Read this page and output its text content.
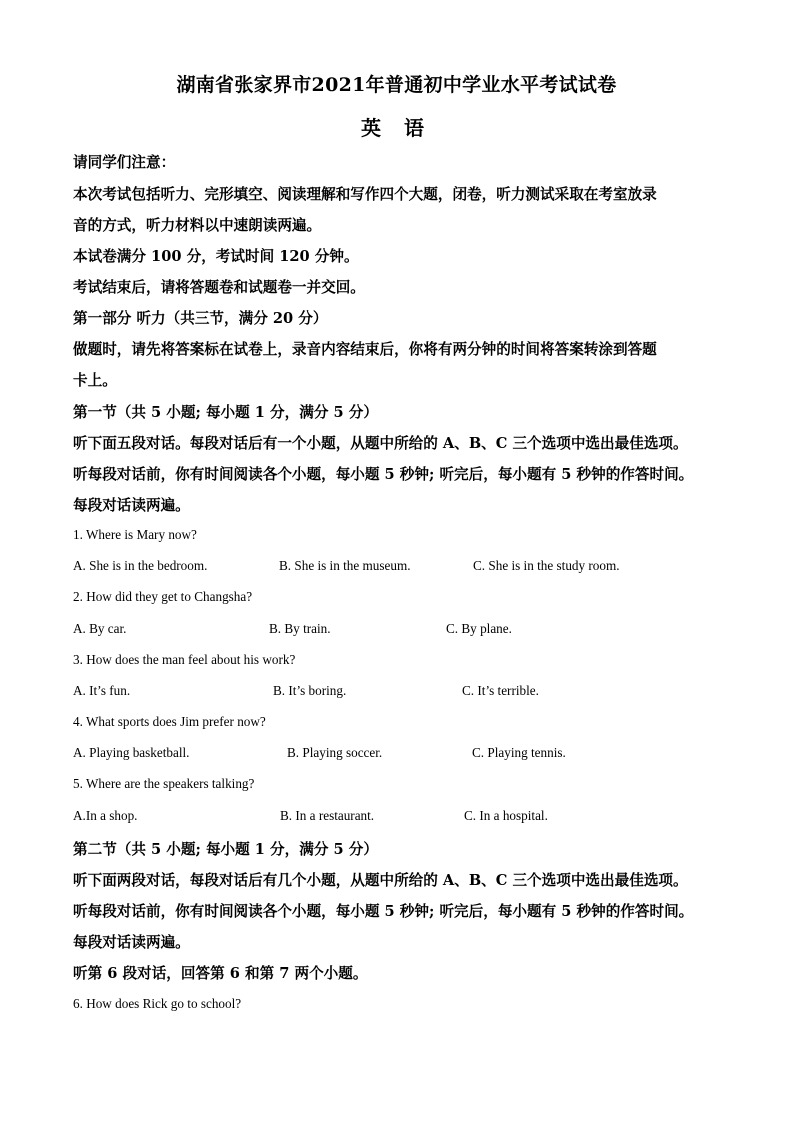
湖南省张家界市2021年普通初中学业水平考试试卷
英 语
请同学们注意：
本次考试包括听力、完形填空、阅读理解和写作四个大题，闭卷，听力测试采取在考室放录
音的方式，听力材料以中速朗读两遍。
本试卷满分 100 分，考试时间 120 分钟。
考试结束后，请将答题卷和试题卷一并交回。
第一部分 听力（共三节，满分 20 分）
做题时，请先将答案标在试卷上，录音内容结束后，你将有两分钟的时间将答案转涂到答题
卡上。
第一节（共 5 小题; 每小题 1 分，满分 5 分）
听下面五段对话。每段对话后有一个小题，从题中所给的 A、B、C 三个选项中选出最佳选项。
听每段对话前，你有时间阅读各个小题，每小题 5 秒钟; 听完后，每小题有 5 秒钟的作答时间。
每段对话读两遍。
1. Where is Mary now?
A. She is in the bedroom.	B. She is in the museum.	C. She is in the study room.
2. How did they get to Changsha?
A. By car.	B. By train.	C. By plane.
3. How does the man feel about his work?
A. It’s fun.	B. It’s boring.	C. It’s terrible.
4. What sports does Jim prefer now?
A. Playing basketball.	B. Playing soccer.	C. Playing tennis.
5. Where are the speakers talking?
A.In a shop.	B. In a restaurant.	C. In a hospital.
第二节（共 5 小题; 每小题 1 分，满分 5 分）
听下面两段对话，每段对话后有几个小题，从题中所给的 A、B、C 三个选项中选出最佳选项。
听每段对话前，你有时间阅读各个小题，每小题 5 秒钟; 听完后，每小题有 5 秒钟的作答时间。
每段对话读两遍。
听第 6 段对话，回答第 6 和第 7 两个小题。
6. How does Rick go to school?
